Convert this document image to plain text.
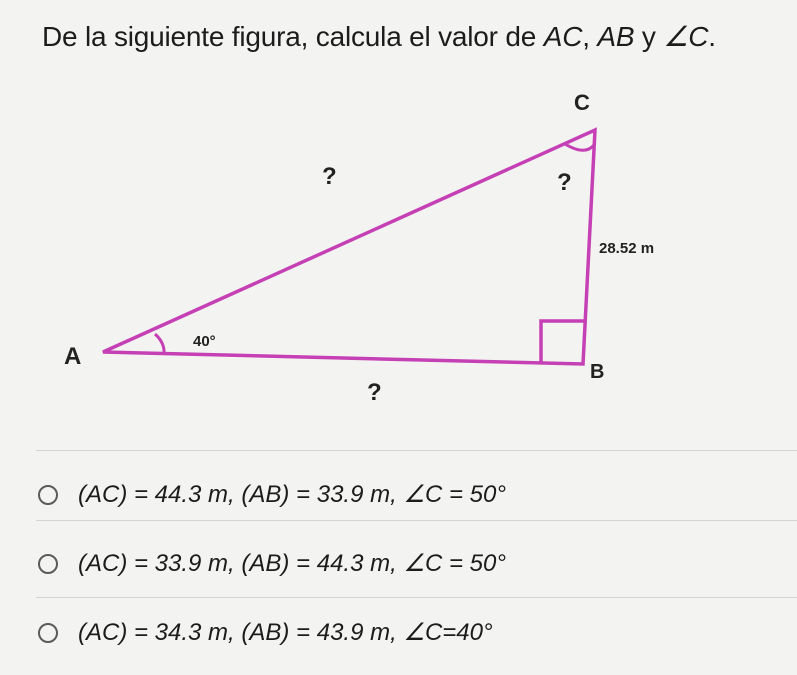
De la siguiente figura, calcula el valor de AC, AB y ∠C.
A
B
C
40°
?
?
?
28.52 m
(AC) = 44.3 m, (AB) = 33.9 m, ∠C = 50°
(AC) = 33.9 m, (AB) = 44.3 m, ∠C = 50°
(AC) = 34.3 m, (AB) = 43.9 m, ∠C=40°
